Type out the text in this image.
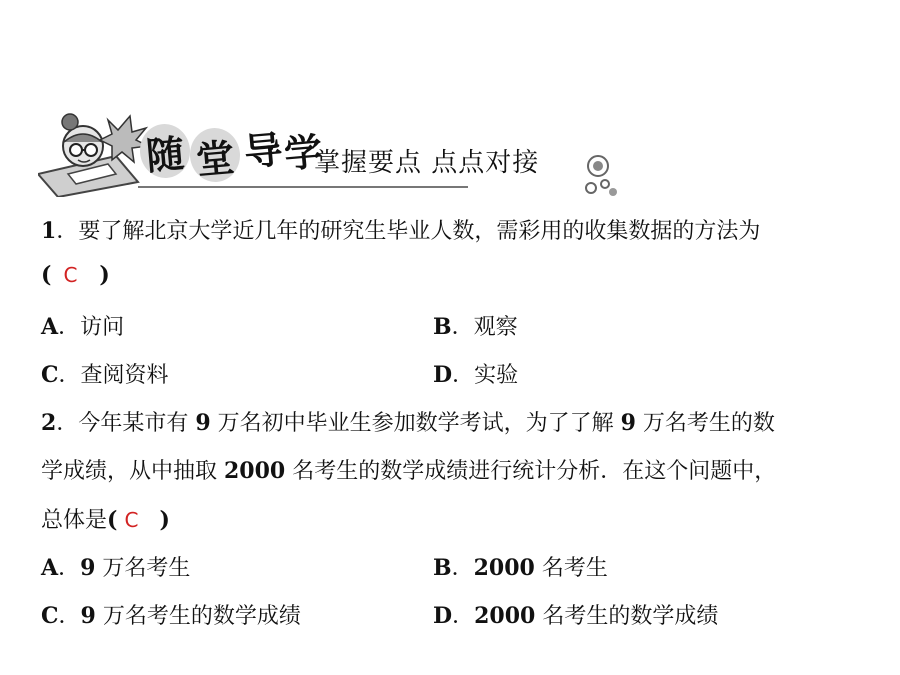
随 堂 导
学
掌握要点 点点对接
1．要了解北京大学近几年的研究生毕业人数，需彩用的收集数据的方法为
( C )
A．访问	B．观察
C．查阅资料	D．实验
2．今年某市有 9 万名初中毕业生参加数学考试，为了了解 9 万名考生的数
学成绩，从中抽取 2000 名考生的数学成绩进行统计分析．在这个问题中，
总体是( C )
A．9 万名考生	B．2000 名考生
C．9 万名考生的数学成绩	D．2000 名考生的数学成绩
